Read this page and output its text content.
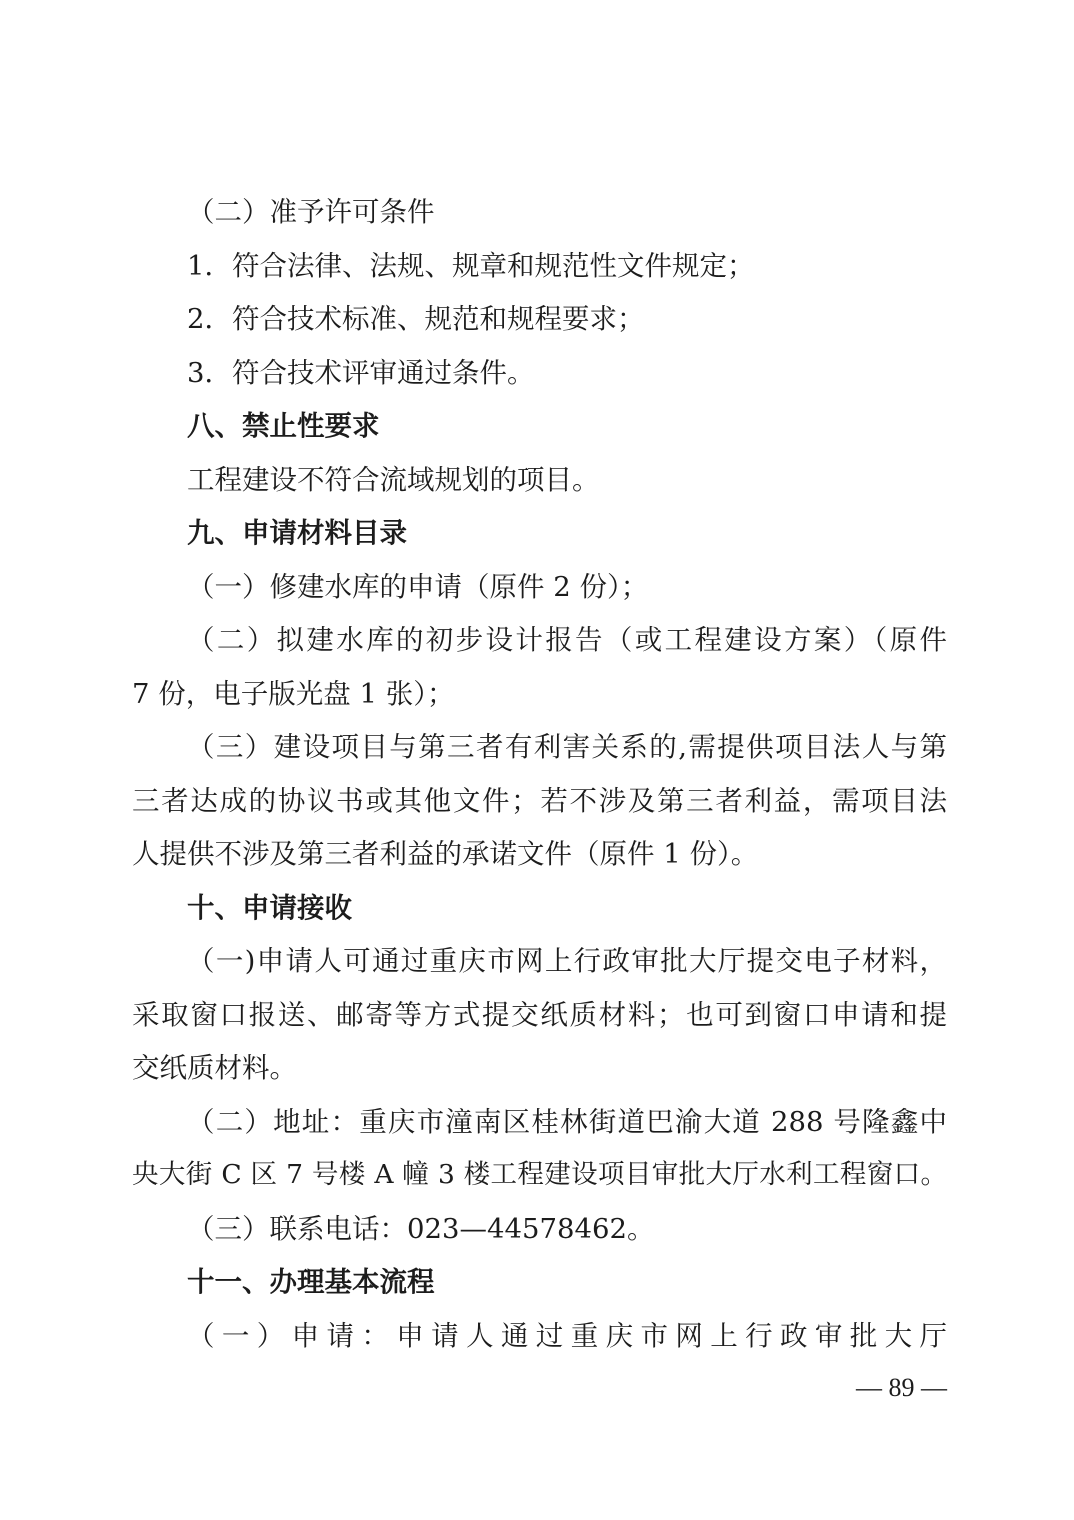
（二）准予许可条件

1．符合法律、法规、规章和规范性文件规定；

2．符合技术标准、规范和规程要求；

3．符合技术评审通过条件。

八、禁止性要求

工程建设不符合流域规划的项目。

九、申请材料目录

（一）修建水库的申请（原件 2 份）；

（二）拟建水库的初步设计报告（或工程建设方案）（原件

7 份，电子版光盘 1 张）；

（三）建设项目与第三者有利害关系的,需提供项目法人与第

三者达成的协议书或其他文件；若不涉及第三者利益，需项目法

人提供不涉及第三者利益的承诺文件（原件 1 份）。

十、申请接收

（一)申请人可通过重庆市网上行政审批大厅提交电子材料，

采取窗口报送、邮寄等方式提交纸质材料；也可到窗口申请和提

交纸质材料。

（二）地址：重庆市潼南区桂林街道巴渝大道 288 号隆鑫中

央大街 C 区 7 号楼 A 幢 3 楼工程建设项目审批大厅水利工程窗口。

（三）联系电话：023—44578462。

十一、办理基本流程

（一）申请：申请人通过重庆市网上行政审批大厅

— 89 —
